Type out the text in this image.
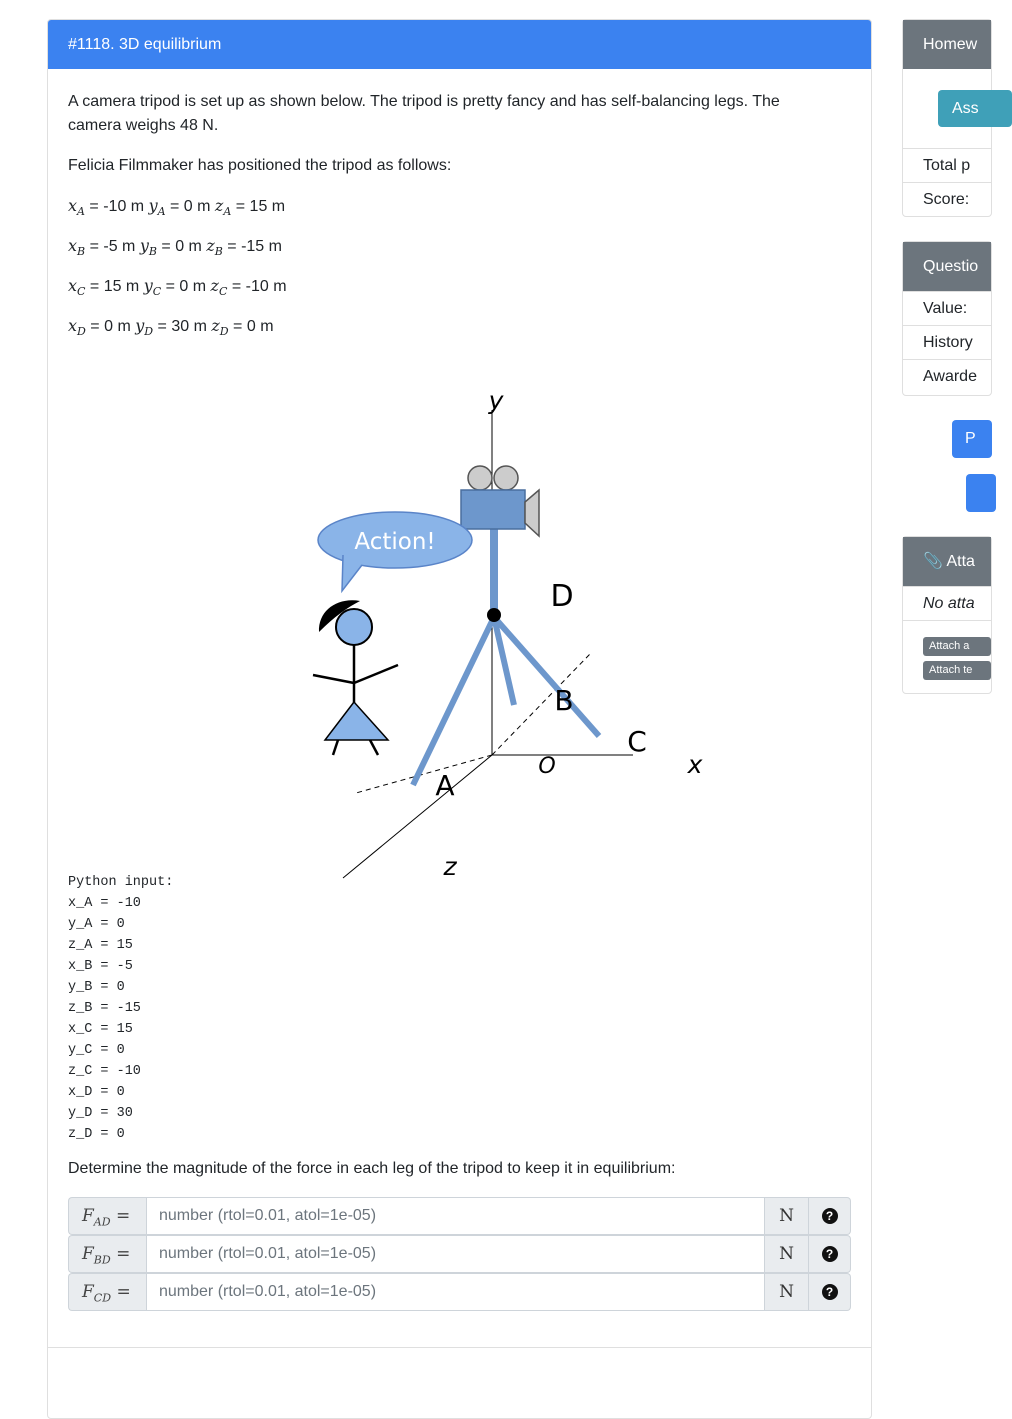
#1118. 3D equilibrium
A camera tripod is set up as shown below. The tripod is pretty fancy and has self-balancing legs. The camera weighs 48 N.
Felicia Filmmaker has positioned the tripod as follows:
$x_A = -10$ m $y_A = 0$ m $z_A = 15$ m
$x_B = -5$ m $y_B = 0$ m $z_B = -15$ m
$x_C = 15$ m $y_C = 0$ m $z_C = -10$ m
$x_D = 0$ m $y_D = 30$ m $z_D = 0$ m
Action!
y
x
z
O
A
B
C
D
Python input:
x_A = -10
y_A = 0
z_A = 15
x_B = -5
y_B = 0
z_B = -15
x_C = 15
y_C = 0
z_C = -10
x_D = 0
y_D = 30
z_D = 0
Determine the magnitude of the force in each leg of the tripod to keep it in equilibrium:
$F_{AD}$ =
number (rtol=0.01, atol=1e-05)	N	?
$F_{BD}$ =
number (rtol=0.01, atol=1e-05)	N	?
$F_{CD}$ =
number (rtol=0.01, atol=1e-05)	N	?
Homew
Ass
Total p
Score:
Questio
Value:
History
Awarde
P
📎 Atta
No atta
Attach a
Attach te
